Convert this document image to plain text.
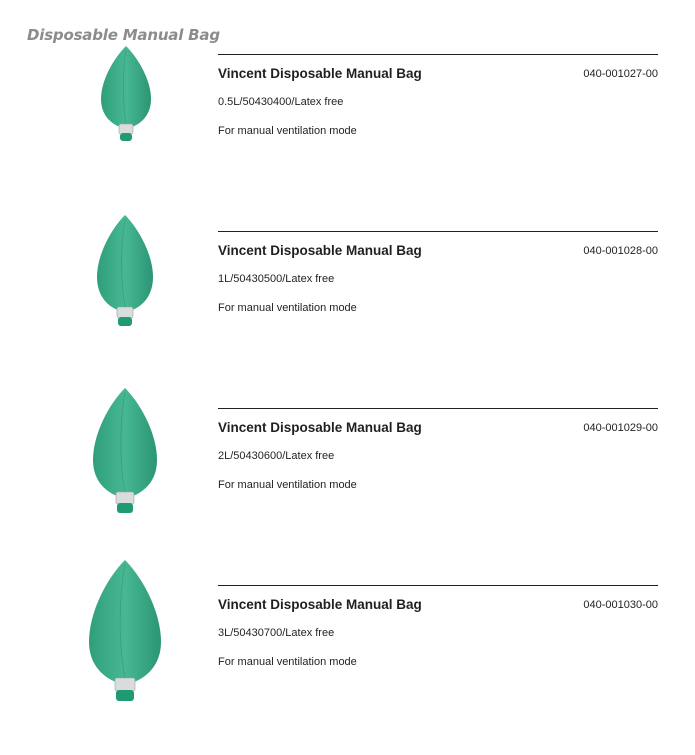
Disposable Manual Bag
Vincent Disposable Manual Bag	040-001027-00
0.5L/50430400/Latex free
For manual ventilation mode
Vincent Disposable Manual Bag	040-001028-00
1L/50430500/Latex free
For manual ventilation mode
Vincent Disposable Manual Bag	040-001029-00
2L/50430600/Latex free
For manual ventilation mode
Vincent Disposable Manual Bag	040-001030-00
3L/50430700/Latex free
For manual ventilation mode
